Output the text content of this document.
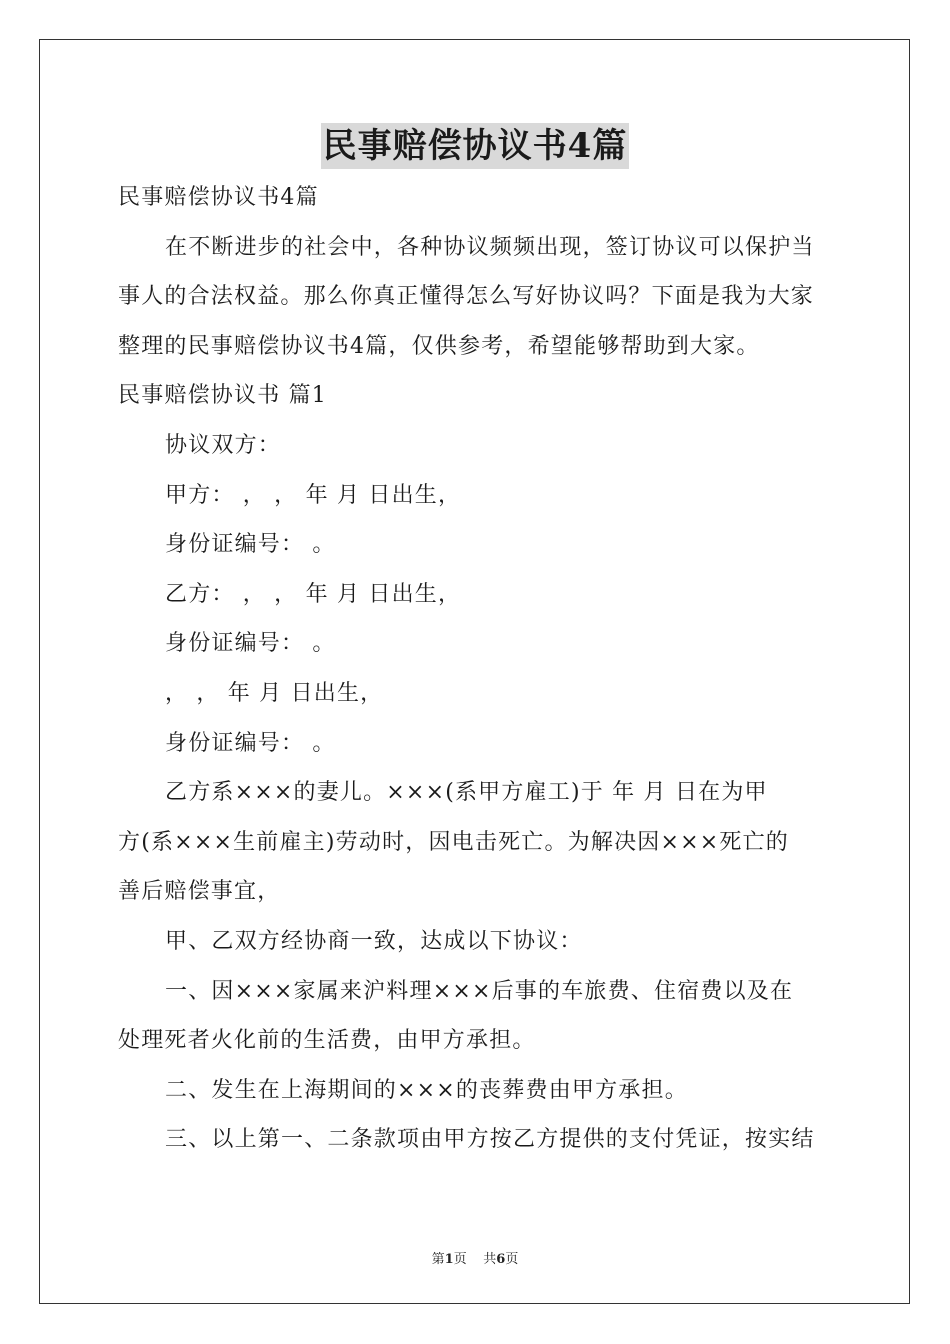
民事赔偿协议书4篇
民事赔偿协议书4篇
在不断进步的社会中，各种协议频频出现，签订协议可以保护当
事人的合法权益。那么你真正懂得怎么写好协议吗？下面是我为大家
整理的民事赔偿协议书4篇，仅供参考，希望能够帮助到大家。
民事赔偿协议书 篇1
协议双方：
甲方： ， ， 年 月 日出生，
身份证编号： 。
乙方： ， ， 年 月 日出生，
身份证编号： 。
， ， 年 月 日出生，
身份证编号： 。
乙方系×××的妻儿。×××(系甲方雇工)于 年 月 日在为甲
方(系×××生前雇主)劳动时，因电击死亡。为解决因×××死亡的
善后赔偿事宜，
甲、乙双方经协商一致，达成以下协议：
一、因×××家属来沪料理×××后事的车旅费、住宿费以及在
处理死者火化前的生活费，由甲方承担。
二、发生在上海期间的×××的丧葬费由甲方承担。
三、以上第一、二条款项由甲方按乙方提供的支付凭证，按实结
第1页 共6页
